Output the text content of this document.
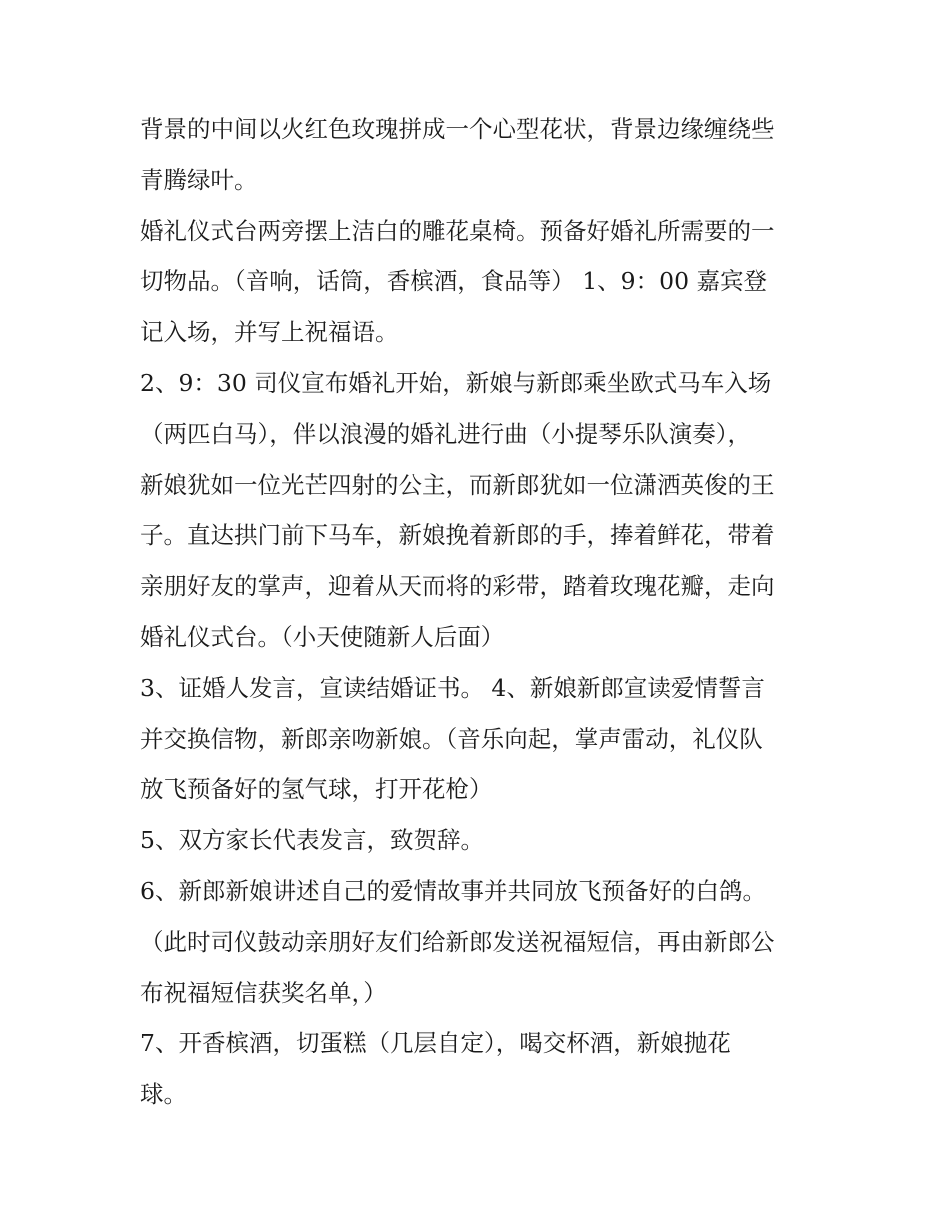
背景的中间以火红色玫瑰拼成一个心型花状，背景边缘缠绕些
青腾绿叶。
婚礼仪式台两旁摆上洁白的雕花桌椅。预备好婚礼所需要的一
切物品。（音响，话筒，香槟酒，食品等） 1、9：00 嘉宾登
记入场，并写上祝福语。
2、9：30 司仪宣布婚礼开始，新娘与新郎乘坐欧式马车入场
（两匹白马），伴以浪漫的婚礼进行曲（小提琴乐队演奏），
新娘犹如一位光芒四射的公主，而新郎犹如一位潇洒英俊的王
子。直达拱门前下马车，新娘挽着新郎的手，捧着鲜花，带着
亲朋好友的掌声，迎着从天而将的彩带，踏着玫瑰花瓣，走向
婚礼仪式台。（小天使随新人后面）
3、证婚人发言，宣读结婚证书。 4、新娘新郎宣读爱情誓言
并交换信物，新郎亲吻新娘。（音乐向起，掌声雷动，礼仪队
放飞预备好的氢气球，打开花枪）
5、双方家长代表发言，致贺辞。
6、新郎新娘讲述自己的爱情故事并共同放飞预备好的白鸽。
（此时司仪鼓动亲朋好友们给新郎发送祝福短信，再由新郎公
布祝福短信获奖名单，）
7、开香槟酒，切蛋糕（几层自定），喝交杯酒，新娘抛花
球。
